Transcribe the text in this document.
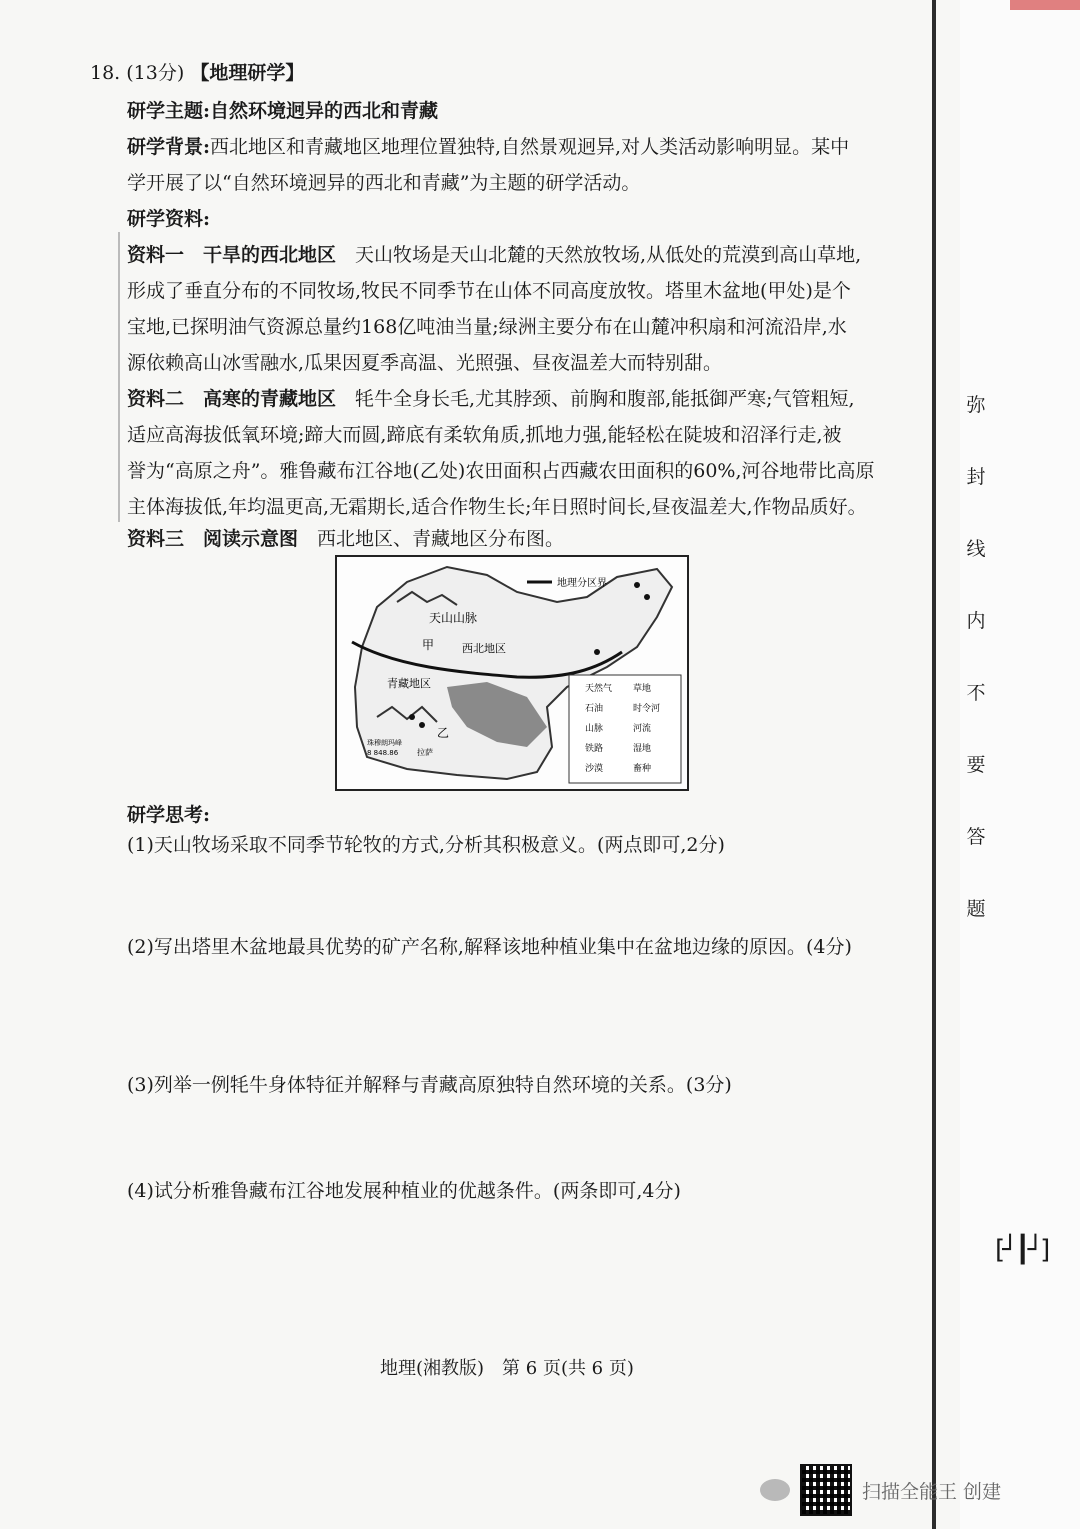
弥
封
线
内
不
要
答
题
[┘┃┘]
18. (13分) 【地理研学】
研学主题:自然环境迥异的西北和青藏
研学背景:西北地区和青藏地区地理位置独特,自然景观迥异,对人类活动影响明显。某中
学开展了以“自然环境迥异的西北和青藏”为主题的研学活动。
研学资料:
资料一　干旱的西北地区　 天山牧场是天山北麓的天然放牧场,从低处的荒漠到高山草地,
形成了垂直分布的不同牧场,牧民不同季节在山体不同高度放牧。塔里木盆地(甲处)是个
宝地,已探明油气资源总量约168亿吨油当量;绿洲主要分布在山麓冲积扇和河流沿岸,水
源依赖高山冰雪融水,瓜果因夏季高温、光照强、昼夜温差大而特别甜。
资料二　高寒的青藏地区　 牦牛全身长毛,尤其脖颈、前胸和腹部,能抵御严寒;气管粗短,
适应高海拔低氧环境;蹄大而圆,蹄底有柔软角质,抓地力强,能轻松在陡坡和沼泽行走,被
誉为“高原之舟”。雅鲁藏布江谷地(乙处)农田面积占西藏农田面积的60%,河谷地带比高原
主体海拔低,年均温更高,无霜期长,适合作物生长;年日照时间长,昼夜温差大,作物品质好。
资料三　阅读示意图　 西北地区、青藏地区分布图。
地理分区界
天山山脉
西北地区
青藏地区
甲
乙
拉萨
珠穆朗玛峰
8 848.86
天然气 草地
石油	时令河
山脉	河流
铁路	湿地
沙漠	畜种
研学思考:
(1)天山牧场采取不同季节轮牧的方式,分析其积极意义。(两点即可,2分)
(2)写出塔里木盆地最具优势的矿产名称,解释该地种植业集中在盆地边缘的原因。(4分)
(3)列举一例牦牛身体特征并解释与青藏高原独特自然环境的关系。(3分)
(4)试分析雅鲁藏布江谷地发展种植业的优越条件。(两条即可,4分)
地理(湘教版)　第 6 页(共 6 页)
扫描全能王 创建
